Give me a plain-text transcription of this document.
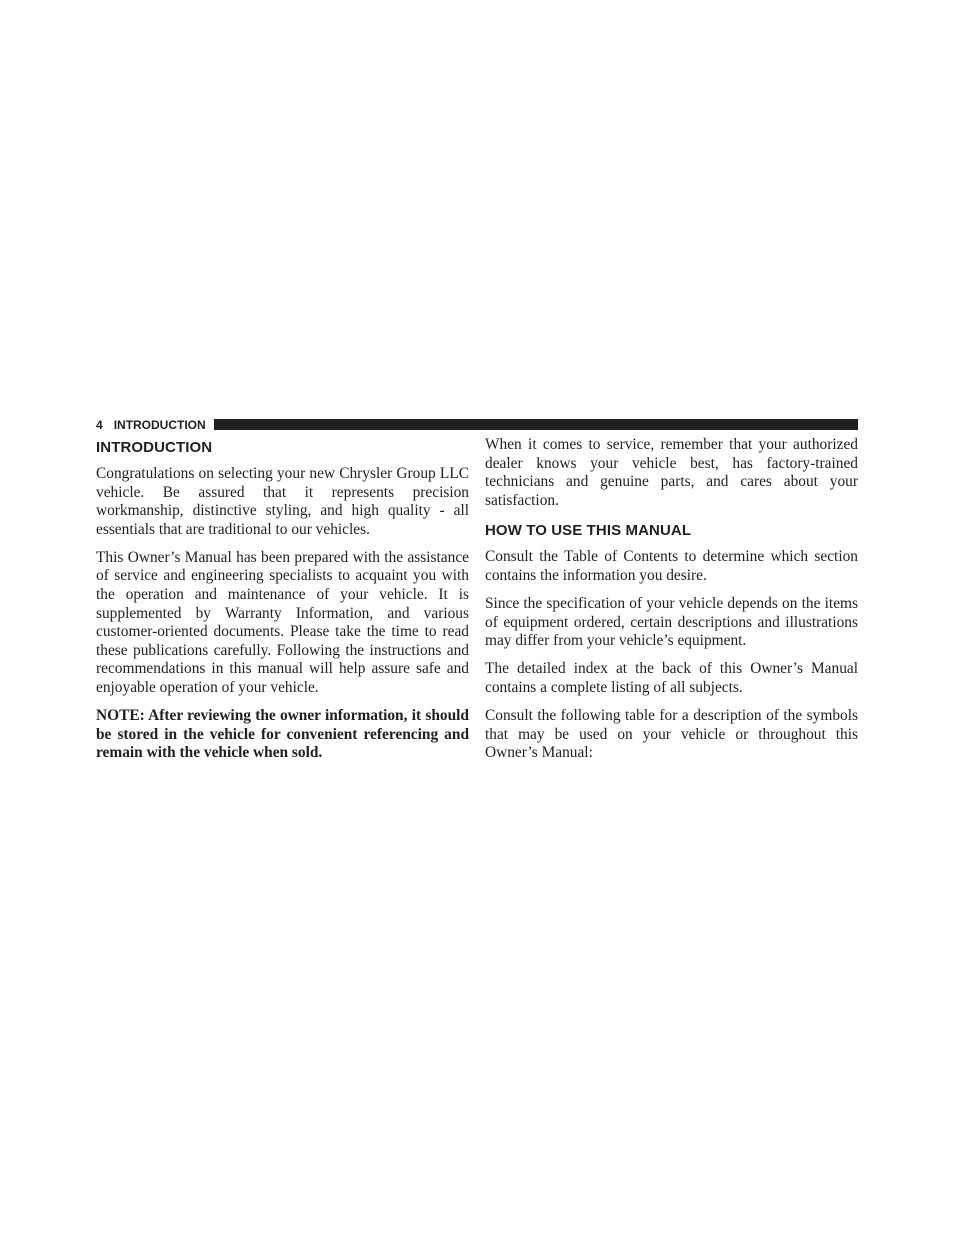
4 INTRODUCTION
INTRODUCTION

Congratulations on selecting your new Chrysler Group LLC vehicle. Be assured that it represents precision workmanship, distinctive styling, and high quality - all essentials that are traditional to our vehicles.

This Owner’s Manual has been prepared with the assistance of service and engineering specialists to acquaint you with the operation and maintenance of your vehicle. It is supplemented by Warranty Information, and various customer-oriented documents. Please take the time to read these publications carefully. Following the instructions and recommendations in this manual will help assure safe and enjoyable operation of your vehicle.

NOTE: After reviewing the owner information, it should be stored in the vehicle for convenient referencing and remain with the vehicle when sold.

When it comes to service, remember that your authorized dealer knows your vehicle best, has factory-trained technicians and genuine parts, and cares about your satisfaction.

HOW TO USE THIS MANUAL

Consult the Table of Contents to determine which section contains the information you desire.

Since the specification of your vehicle depends on the items of equipment ordered, certain descriptions and illustrations may differ from your vehicle’s equipment.

The detailed index at the back of this Owner’s Manual contains a complete listing of all subjects.

Consult the following table for a description of the symbols that may be used on your vehicle or throughout this Owner’s Manual:
